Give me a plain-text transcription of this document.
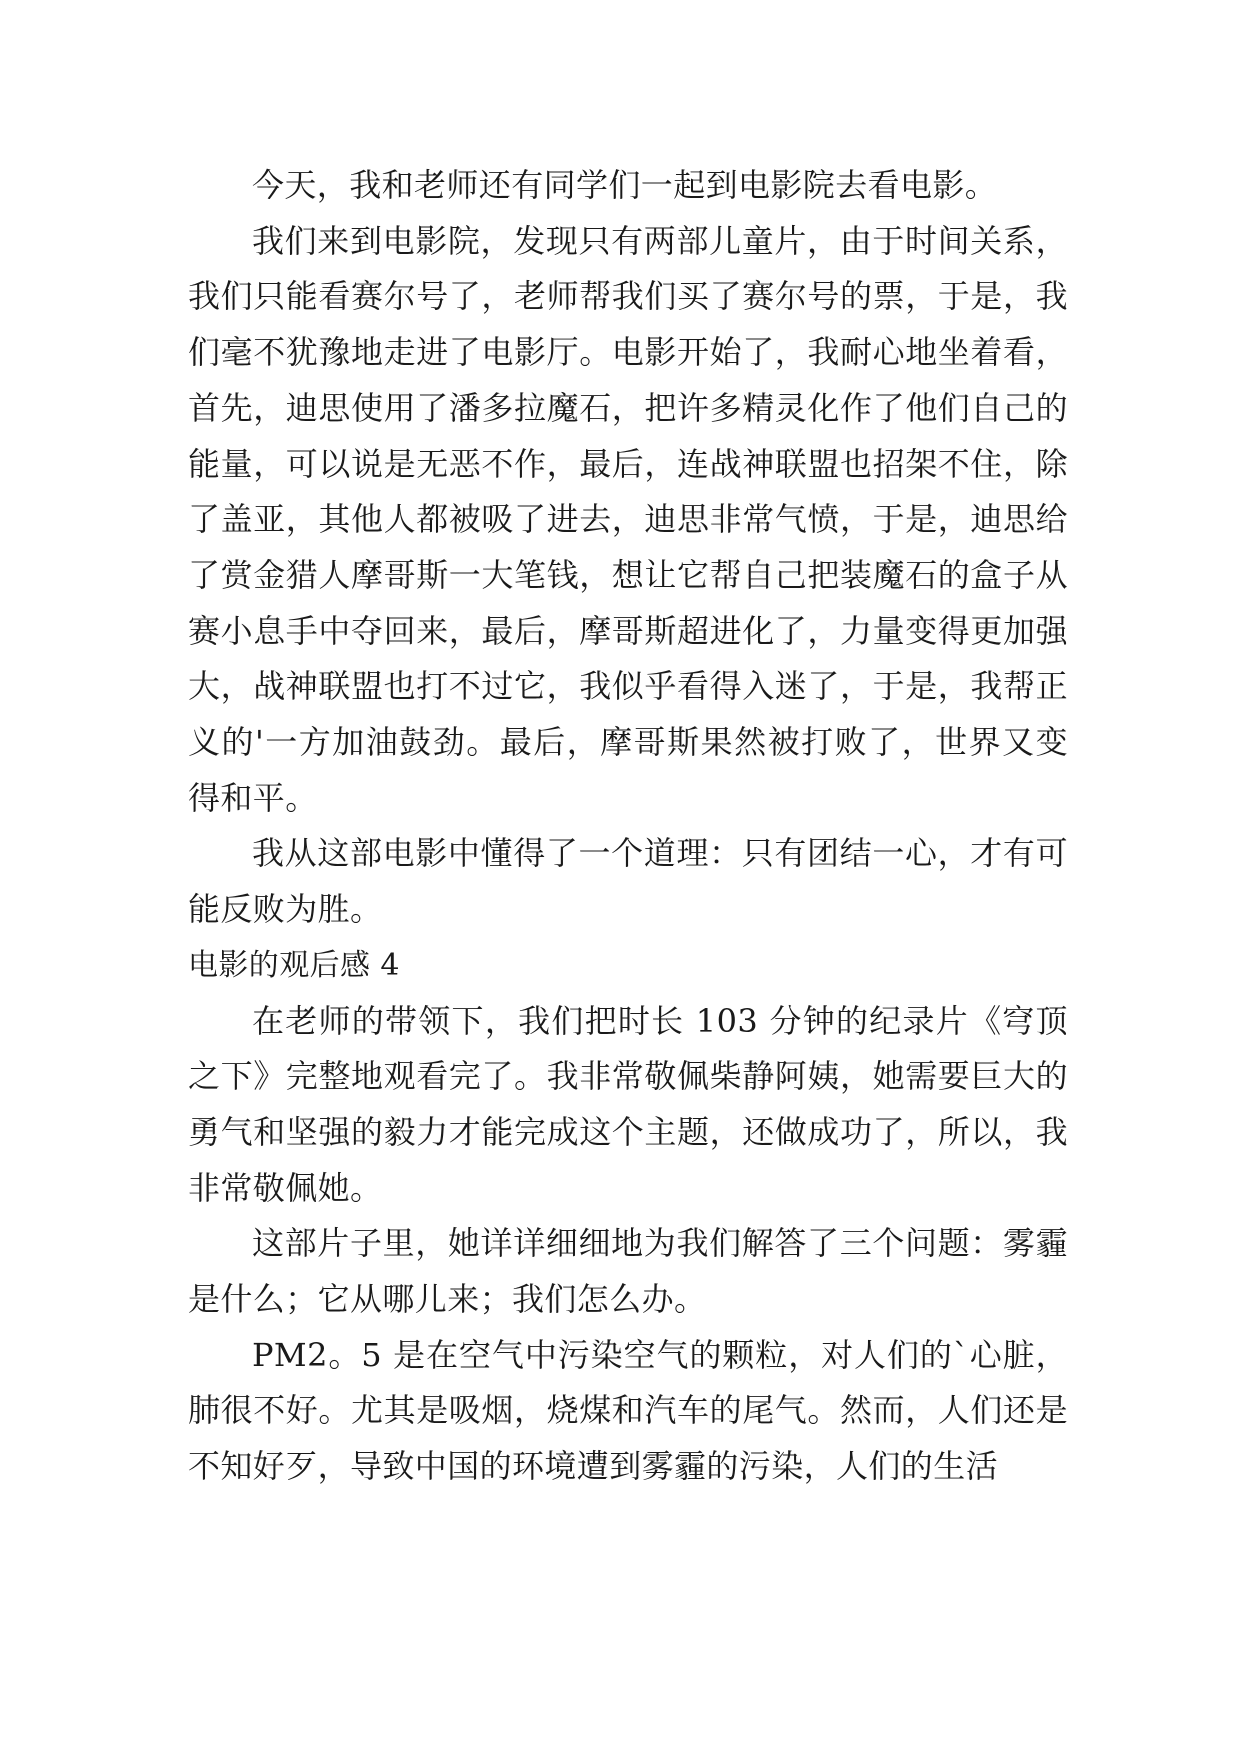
今天，我和老师还有同学们一起到电影院去看电影。

我们来到电影院，发现只有两部儿童片，由于时间关系，我们只能看赛尔号了，老师帮我们买了赛尔号的票，于是，我们毫不犹豫地走进了电影厅。电影开始了，我耐心地坐着看，首先，迪思使用了潘多拉魔石，把许多精灵化作了他们自己的能量，可以说是无恶不作，最后，连战神联盟也招架不住，除了盖亚，其他人都被吸了进去，迪思非常气愤，于是，迪思给了赏金猎人摩哥斯一大笔钱，想让它帮自己把装魔石的盒子从赛小息手中夺回来，最后，摩哥斯超进化了，力量变得更加强大，战神联盟也打不过它，我似乎看得入迷了，于是，我帮正义的'一方加油鼓劲。最后，摩哥斯果然被打败了，世界又变得和平。

我从这部电影中懂得了一个道理：只有团结一心，才有可能反败为胜。

电影的观后感 4

在老师的带领下，我们把时长 103 分钟的纪录片《穹顶之下》完整地观看完了。我非常敬佩柴静阿姨，她需要巨大的勇气和坚强的毅力才能完成这个主题，还做成功了，所以，我非常敬佩她。

这部片子里，她详详细细地为我们解答了三个问题：雾霾是什么；它从哪儿来；我们怎么办。

PM2。5 是在空气中污染空气的颗粒，对人们的`心脏，肺很不好。尤其是吸烟，烧煤和汽车的尾气。然而，人们还是不知好歹，导致中国的环境遭到雾霾的污染，人们的生活
